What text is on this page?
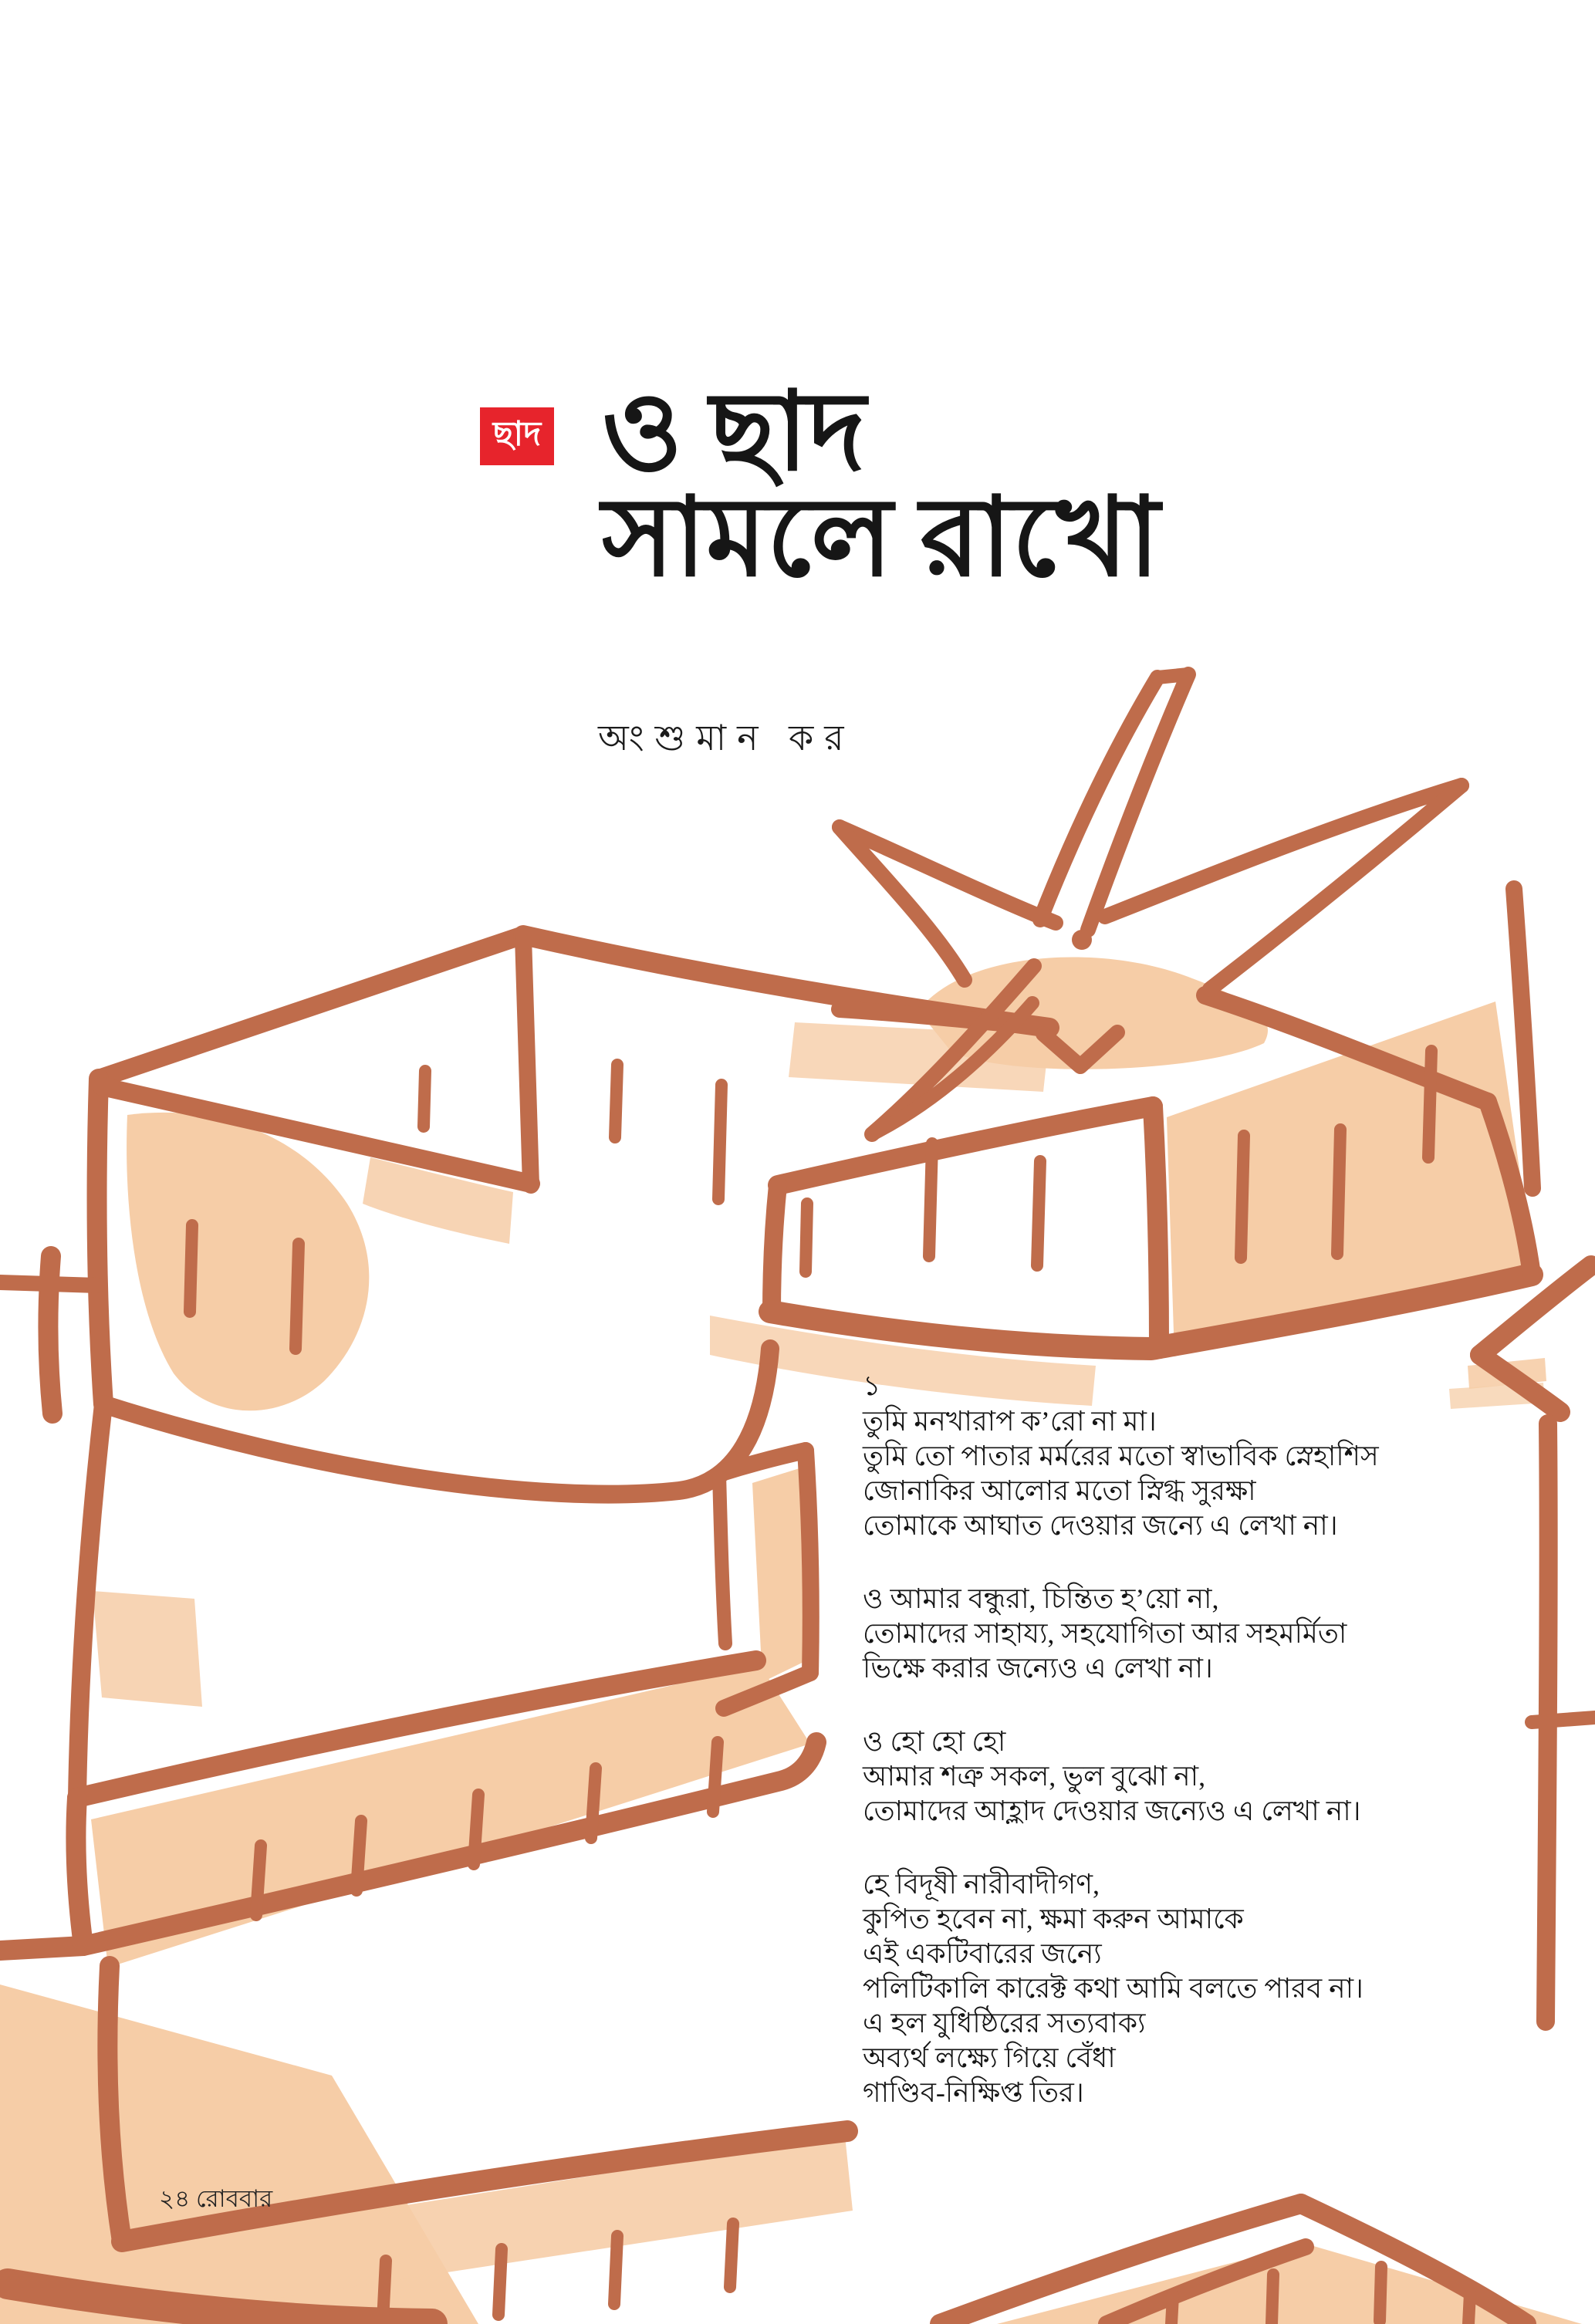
ছাদ ও ছাদ
সামলে রাখো
অংশুমান কর
১
তুমি মনখারাপ ক’রো না মা।
তুমি তো পাতার মর্মরের মতো স্বাভাবিক স্নেহাশিস
জোনাকির আলোর মতো স্নিগ্ধ সুরক্ষা
তোমাকে আঘাত দেওয়ার জন্যে এ লেখা না।
ও আমার বন্ধুরা, চিন্তিত হ’য়ো না,
তোমাদের সাহায্য, সহযোগিতা আর সহমর্মিতা
ভিক্ষে করার জন্যেও এ লেখা না।
ও হো হো হো
আমার শত্রু সকল, ভুল বুঝো না,
তোমাদের আহ্লাদ দেওয়ার জন্যেও এ লেখা না।
হে বিদূষী নারীবাদীগণ,
কুপিত হবেন না, ক্ষমা করুন আমাকে
এই একটিবারের জন্যে
পলিটিকালি কারেক্ট কথা আমি বলতে পারব না।
এ হল যুধিষ্ঠিরের সত্যবাক্য
অব্যর্থ লক্ষ্যে গিয়ে বেঁধা
গাণ্ডিব-নিক্ষিপ্ত তির।
২৪ রোববার
